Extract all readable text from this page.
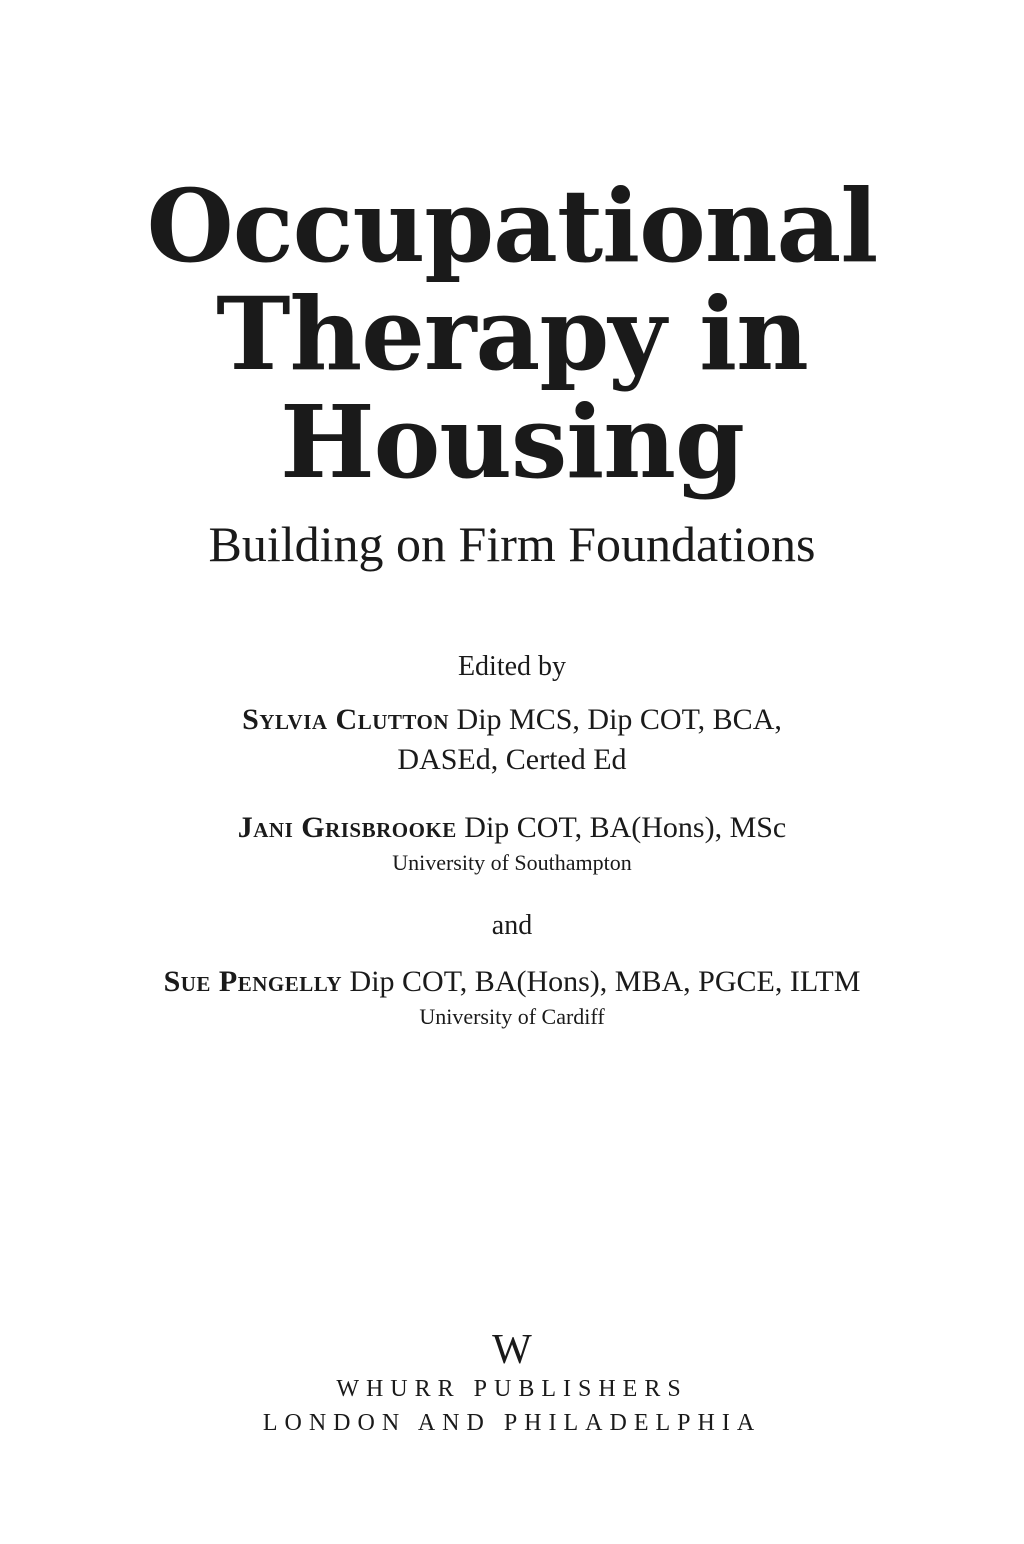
Occupational
Therapy in
Housing
Building on Firm Foundations
Edited by
Sylvia Clutton Dip MCS, Dip COT, BCA,
DASEd, Certed Ed
Jani Grisbrooke Dip COT, BA(Hons), MSc
University of Southampton
and
Sue Pengelly Dip COT, BA(Hons), MBA, PGCE, ILTM
University of Cardiff
W
WHURR PUBLISHERS
LONDON AND PHILADELPHIA
